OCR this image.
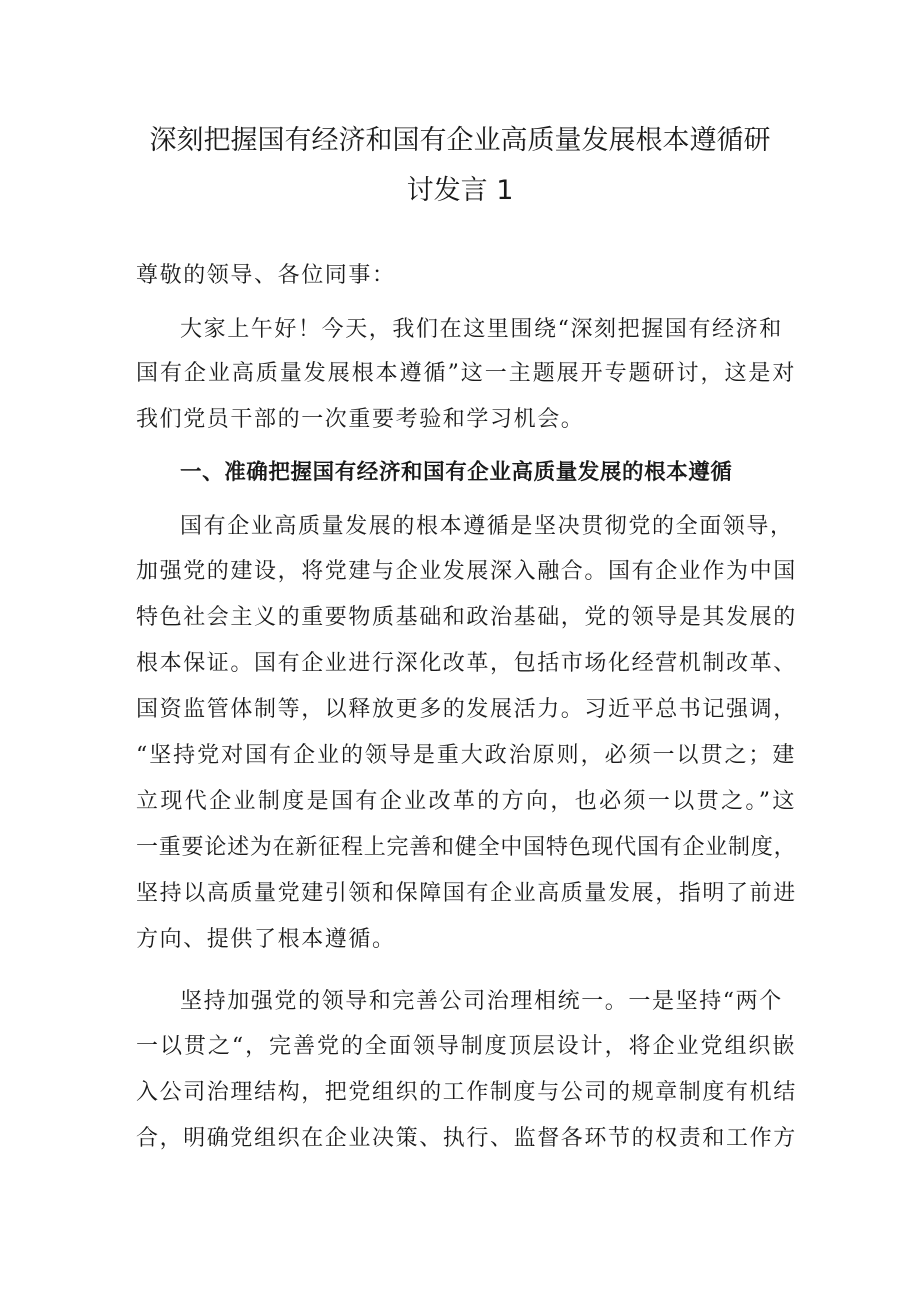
深刻把握国有经济和国有企业高质量发展根本遵循研
讨发言 1
尊敬的领导、各位同事：
大家上午好！今天，我们在这里围绕“深刻把握国有经济和
国有企业高质量发展根本遵循”这一主题展开专题研讨，这是对
我们党员干部的一次重要考验和学习机会。
一、准确把握国有经济和国有企业高质量发展的根本遵循
国有企业高质量发展的根本遵循是坚决贯彻党的全面领导，
加强党的建设，将党建与企业发展深入融合。国有企业作为中国
特色社会主义的重要物质基础和政治基础，党的领导是其发展的
根本保证。国有企业进行深化改革，包括市场化经营机制改革、
国资监管体制等，以释放更多的发展活力。习近平总书记强调，
“坚持党对国有企业的领导是重大政治原则，必须一以贯之；建
立现代企业制度是国有企业改革的方向，也必须一以贯之。”这
一重要论述为在新征程上完善和健全中国特色现代国有企业制度，
坚持以高质量党建引领和保障国有企业高质量发展，指明了前进
方向、提供了根本遵循。
坚持加强党的领导和完善公司治理相统一。一是坚持“两个
一以贯之“，完善党的全面领导制度顶层设计，将企业党组织嵌
入公司治理结构，把党组织的工作制度与公司的规章制度有机结
合，明确党组织在企业决策、执行、监督各环节的权责和工作方
